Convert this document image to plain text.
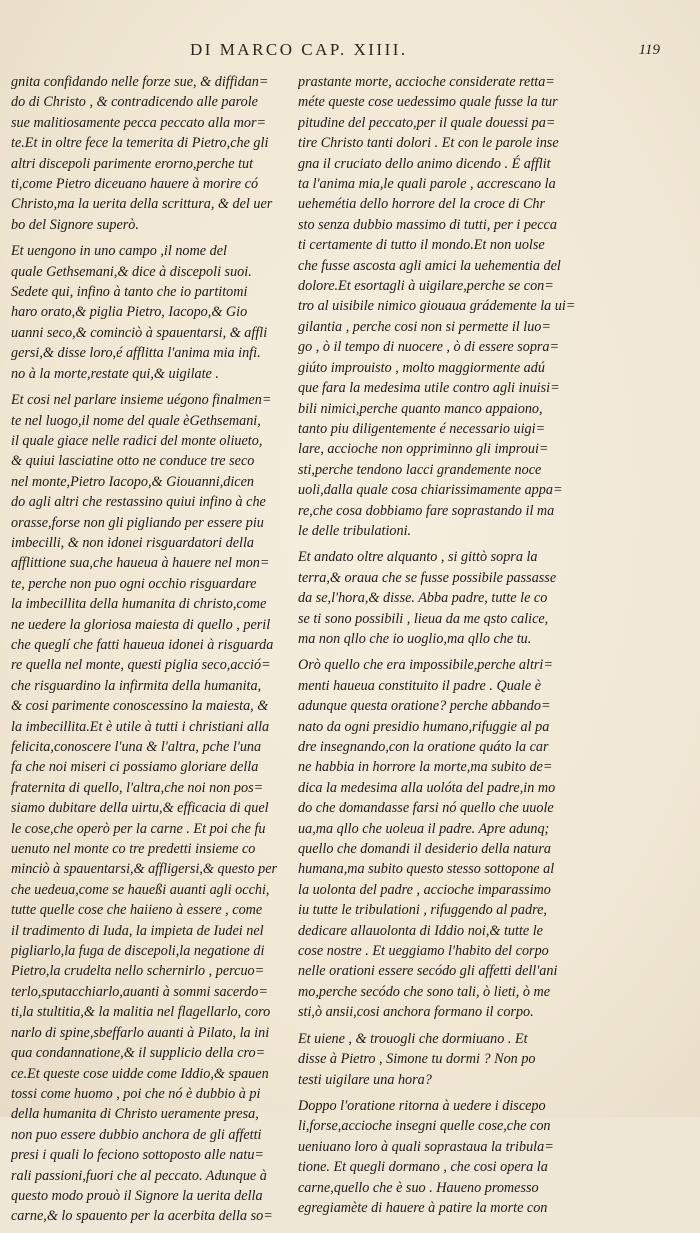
DI MARCO CAP. XIIII.	119
gnita confidando nelle forze sue, & diffidan=
do di Christo , & contradicendo alle parole
sue malitiosamente pecca peccato alla mor=
te.Et in oltre fece la temerita di Pietro,che gli
altri discepoli parimente erorno,perche tut
ti,come Pietro diceuano hauere à morire có
Christo,ma la uerita della scrittura, & del uer
bo del Signore superò.
Et uengono in uno campo ,il nome del
quale Gethsemani,& dice à discepoli suoi.
Sedete qui, infino à tanto che io partitomi
haro orato,& piglia Pietro, Iacopo,& Gio
uanni seco,& cominciò à spauentarsi, & affli
gersi,& disse loro,é afflitta l'anima mia infi.
no à la morte,restate qui,& uigilate .
Et cosi nel parlare insieme uégono finalmen=
te nel luogo,il nome del quale èGethsemani,
il quale giace nelle radici del monte oliueto,
& quiui lasciatine otto ne conduce tre seco
nel monte,Pietro Iacopo,& Giouanni,dicen
do agli altri che restassino quiui infino à che
orasse,forse non gli pigliando per essere piu
imbecilli, & non idonei risguardatori della
afflittione sua,che haueua à hauere nel mon=
te, perche non puo ogni occhio risguardare
la imbecillita della humanita di christo,come
ne uedere la gloriosa maiesta di quello , peril
che queglí che fatti haueua idonei à risguarda
re quella nel monte, questi piglia seco,acció=
che risguardino la infirmita della humanita,
& cosi parimente conoscessino la maiesta, &
la imbecillita.Et è utile à tutti i christiani alla
felicita,conoscere l'una & l'altra, pche l'una
fa che noi miseri ci possiamo gloriare della
fraternita di quello, l'altra,che noi non pos=
siamo dubitare della uirtu,& efficacia di quel
le cose,che operò per la carne . Et poi che fu
uenuto nel monte co tre predetti insieme co
minciò à spauentarsi,& affligersi,& questo per
che uedeua,come se haueßi auanti agli occhi,
tutte quelle cose che haiieno à essere , come
il tradimento di Iuda, la impieta de Iudei nel
pigliarlo,la fuga de discepoli,la negatione di
Pietro,la crudelta nello schernirlo , percuo=
terlo,sputacchiarlo,auanti à sommi sacerdo=
ti,la stultitia,& la malitia nel flagellarlo, coro
narlo di spine,sbeffarlo auanti à Pilato, la ini
qua condannatione,& il supplicio della cro=
ce.Et queste cose uidde come Iddio,& spauen
tossi come huomo , poi che nó è dubbio à pi
della humanita di Christo ueramente presa,
non puo essere dubbio anchora de gli affetti
presi i quali lo feciono sottoposto alle natu=
rali passioni,fuori che al peccato. Adunque à
questo modo prouò il Signore la uerita della
carne,& lo spauento per la acerbita della so=
prastante morte, accioche considerate retta=
méte queste cose uedessimo quale fusse la tur
pitudine del peccato,per il quale douessi pa=
tire Christo tanti dolori . Et con le parole inse
gna il cruciato dello animo dicendo . É afflit
ta l'anima mia,le quali parole , accrescano la
uehemétia dello horrore del la croce di Chr
sto senza dubbio massimo di tutti, per i pecca
ti certamente di tutto il mondo.Et non uolse
che fusse ascosta agli amici la uehementia del
dolore.Et esortagli à uigilare,perche se con=
tro al uisibile nimico giouaua grádemente la ui=
gilantia , perche cosi non si permette il luo=
go , ò il tempo di nuocere , ò di essere sopra=
giúto improuisto , molto maggiormente adú
que fara la medesima utile contro agli inuisi=
bili nimici,perche quanto manco appaiono,
tanto piu diligentemente é necessario uigi=
lare, accioche non oppriminno gli improui=
sti,perche tendono lacci grandemente noce
uoli,dalla quale cosa chiarissimamente appa=
re,che cosa dobbiamo fare soprastando il ma
le delle tribulationi.
Et andato oltre alquanto , si gittò sopra la
terra,& oraua che se fusse possibile passasse
da se,l'hora,& disse. Abba padre, tutte le co
se ti sono possibili , lieua da me qsto calice,
ma non qllo che io uoglio,ma qllo che tu.
Orò quello che era impossibile,perche altri=
menti haueua constituito il padre . Quale è
adunque questa oratione? perche abbando=
nato da ogni presidio humano,rifuggie al pa
dre insegnando,con la oratione quáto la car
ne habbia in horrore la morte,ma subito de=
dica la medesima alla uolóta del padre,in mo
do che domandasse farsi nó quello che uuole
ua,ma qllo che uoleua il padre. Apre adunq;
quello che domandi il desiderio della natura
humana,ma subito questo stesso sottopone al
la uolonta del padre , accioche imparassimo
iu tutte le tribulationi , rifuggendo al padre,
dedicare allauolonta di Iddio noi,& tutte le
cose nostre . Et ueggiamo l'habito del corpo
nelle orationi essere secódo gli affetti dell'ani
mo,perche secódo che sono tali, ò lieti, ò me
sti,ò ansii,cosi anchora formano il corpo.
Et uiene , & trouogli che dormiuano . Et
disse à Pietro , Simone tu dormi ? Non po
testi uigilare una hora?
Doppo l'oratione ritorna à uedere i discepo
li,forse,accioche insegni quelle cose,che con
ueniuano loro à quali soprastaua la tribula=
tione. Et quegli dormano , che cosi opera la
carne,quello che è suo . Haueno promesso
egregiamète di hauere à patire la morte con
